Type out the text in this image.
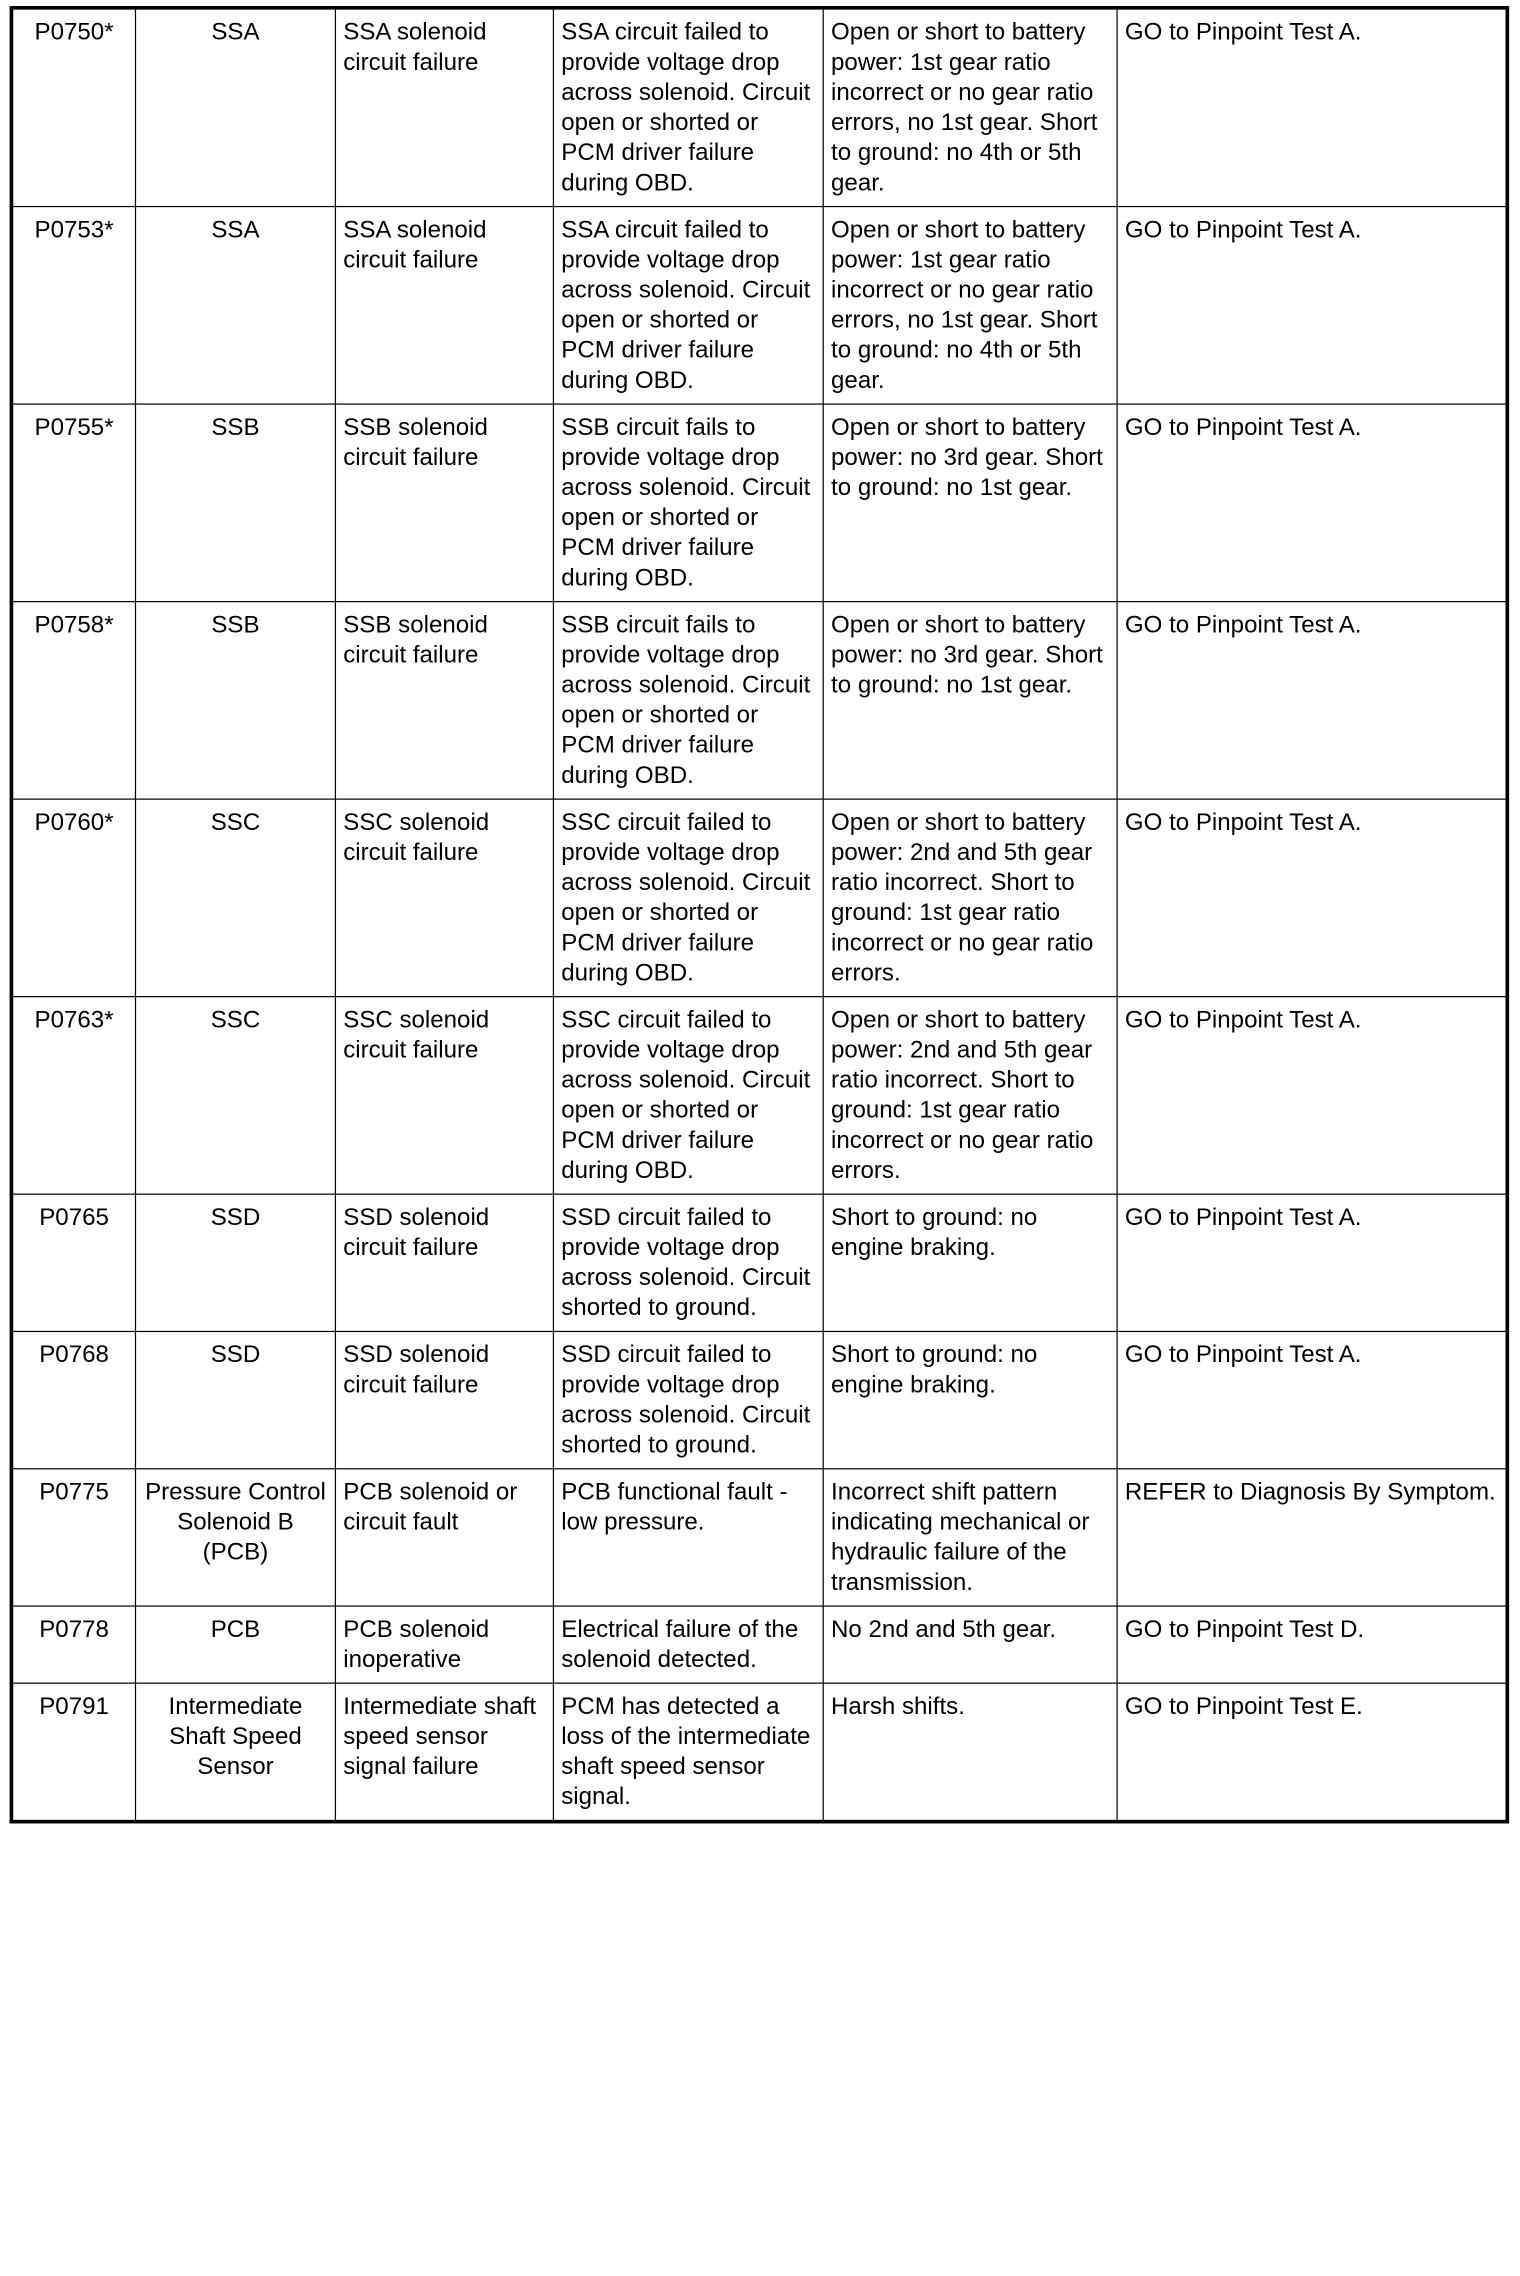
P0750*	SSA	SSA solenoid circuit failure	SSA circuit failed to provide voltage drop across solenoid. Circuit open or shorted or PCM driver failure during OBD.	Open or short to battery power: 1st gear ratio incorrect or no gear ratio errors, no 1st gear. Short to ground: no 4th or 5th gear.	GO to Pinpoint Test A.
P0753*	SSA	SSA solenoid circuit failure	SSA circuit failed to provide voltage drop across solenoid. Circuit open or shorted or PCM driver failure during OBD.	Open or short to battery power: 1st gear ratio incorrect or no gear ratio errors, no 1st gear. Short to ground: no 4th or 5th gear.	GO to Pinpoint Test A.
P0755*	SSB	SSB solenoid circuit failure	SSB circuit fails to provide voltage drop across solenoid. Circuit open or shorted or PCM driver failure during OBD.	Open or short to battery power: no 3rd gear. Short to ground: no 1st gear.	GO to Pinpoint Test A.
P0758*	SSB	SSB solenoid circuit failure	SSB circuit fails to provide voltage drop across solenoid. Circuit open or shorted or PCM driver failure during OBD.	Open or short to battery power: no 3rd gear. Short to ground: no 1st gear.	GO to Pinpoint Test A.
P0760*	SSC	SSC solenoid circuit failure	SSC circuit failed to provide voltage drop across solenoid. Circuit open or shorted or PCM driver failure during OBD.	Open or short to battery power: 2nd and 5th gear ratio incorrect. Short to ground: 1st gear ratio incorrect or no gear ratio errors.	GO to Pinpoint Test A.
P0763*	SSC	SSC solenoid circuit failure	SSC circuit failed to provide voltage drop across solenoid. Circuit open or shorted or PCM driver failure during OBD.	Open or short to battery power: 2nd and 5th gear ratio incorrect. Short to ground: 1st gear ratio incorrect or no gear ratio errors.	GO to Pinpoint Test A.
P0765	SSD	SSD solenoid circuit failure	SSD circuit failed to provide voltage drop across solenoid. Circuit shorted to ground.	Short to ground: no engine braking.	GO to Pinpoint Test A.
P0768	SSD	SSD solenoid circuit failure	SSD circuit failed to provide voltage drop across solenoid. Circuit shorted to ground.	Short to ground: no engine braking.	GO to Pinpoint Test A.
P0775	Pressure Control Solenoid B (PCB)	PCB solenoid or circuit fault	PCB functional fault - low pressure.	Incorrect shift pattern indicating mechanical or hydraulic failure of the transmission.	REFER to Diagnosis By Symptom.
P0778	PCB	PCB solenoid inoperative	Electrical failure of the solenoid detected.	No 2nd and 5th gear.	GO to Pinpoint Test D.
P0791	Intermediate Shaft Speed Sensor	Intermediate shaft speed sensor signal failure	PCM has detected a loss of the intermediate shaft speed sensor signal.	Harsh shifts.	GO to Pinpoint Test E.
